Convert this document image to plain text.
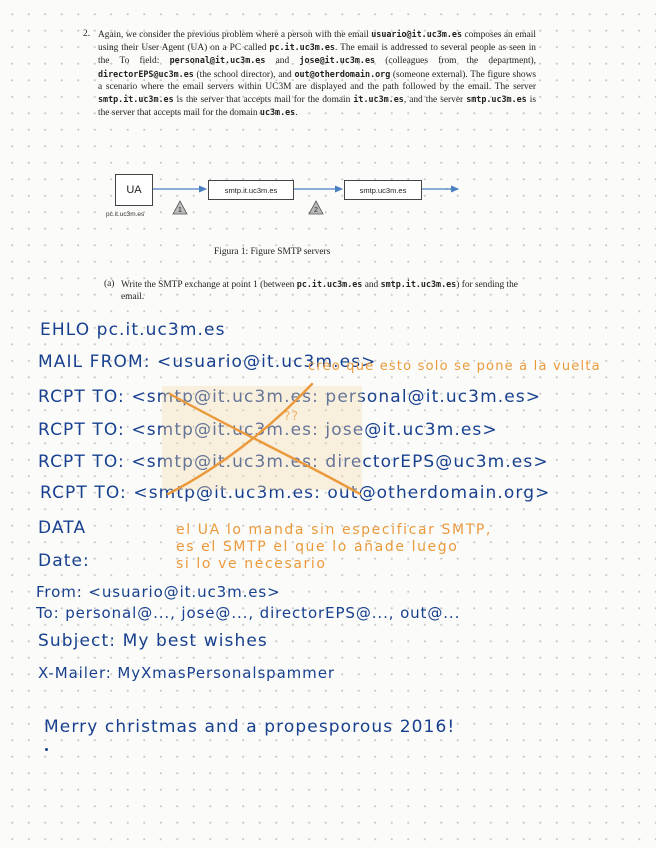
2. Again, we consider the previous problem where a person with the email usuario@it.uc3m.es composes an email using their User Agent (UA) on a PC called pc.it.uc3m.es. The email is addressed to several people as seen in the To field: personal@it.uc3m.es and jose@it.uc3m.es (colleagues from the department), directorEPS@uc3m.es (the school director), and out@otherdomain.org (someone external). The figure shows a scenario where the email servers within UC3M are displayed and the path followed by the email. The server smtp.it.uc3m.es is the server that accepts mail for the domain it.uc3m.es, and the server smtp.uc3m.es is the server that accepts mail for the domain uc3m.es.
1	2
UA
pc.it.uc3m.es
smtp.it.uc3m.es	smtp.uc3m.es
Figura 1: Figure SMTP servers
(a) Write the SMTP exchange at point 1 (between pc.it.uc3m.es and smtp.it.uc3m.es) for sending the email.
EHLO pc.it.uc3m.es
MAIL FROM: <usuario@it.uc3m.es>
creo que esto solo se pone a la vuelta
RCPT TO: <smtp@it.uc3m.es: personal@it.uc3m.es>
??
RCPT TO: <smtp@it.uc3m.es: jose@it.uc3m.es>
RCPT TO: <smtp@it.uc3m.es: directorEPS@uc3m.es>
RCPT TO: <smtp@it.uc3m.es: out@otherdomain.org>
DATA
Date:
el UA lo manda sin especificar SMTP,
es el SMTP el que lo añade luego
si lo ve necesario
From: <usuario@it.uc3m.es>
To: personal@..., jose@..., directorEPS@..., out@...
Subject: My best wishes
X-Mailer: MyXmasPersonalspammer
Merry christmas and a propesporous 2016!
